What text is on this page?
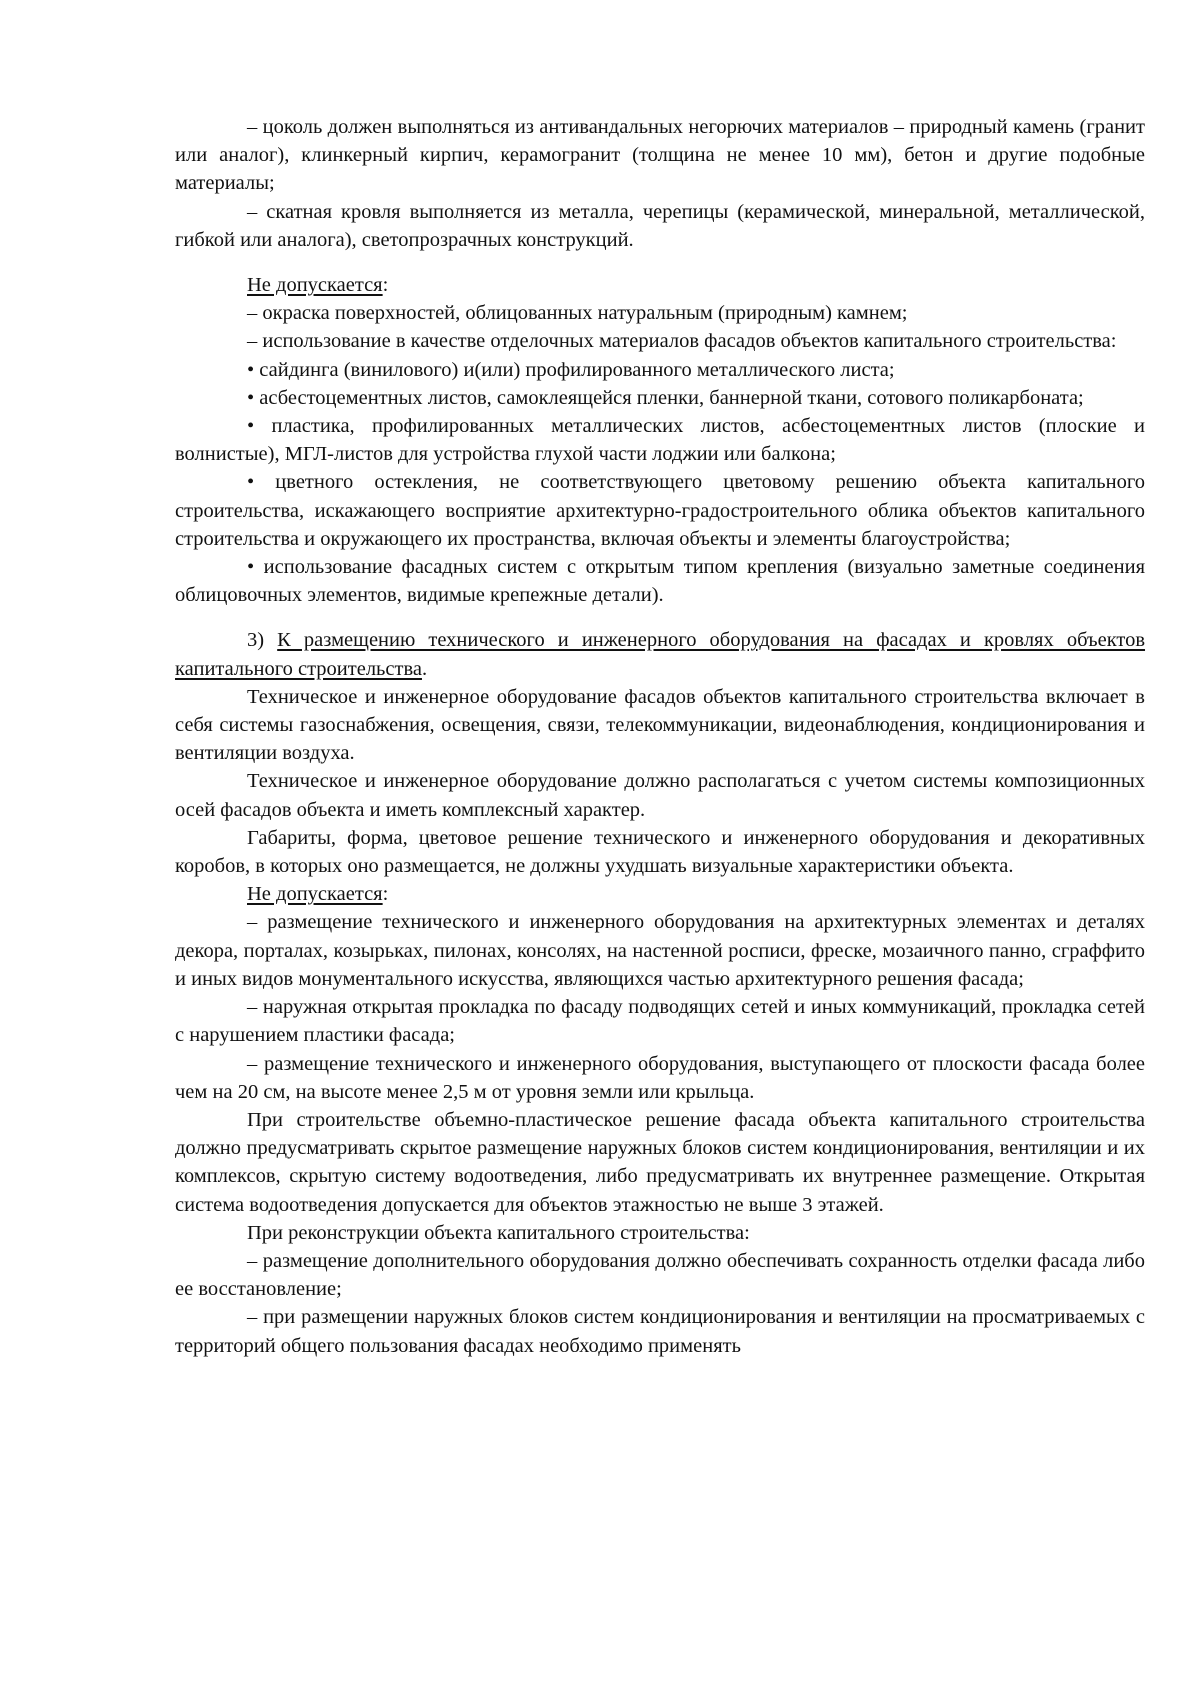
– цоколь должен выполняться из антивандальных негорючих материалов – природный камень (гранит или аналог), клинкерный кирпич, керамогранит (толщина не менее 10 мм), бетон и другие подобные материалы;

– скатная кровля выполняется из металла, черепицы (керамической, минеральной, металлической, гибкой или аналога), светопрозрачных конструкций.

Не допускается:

– окраска поверхностей, облицованных натуральным (природным) камнем;

– использование в качестве отделочных материалов фасадов объектов капитального строительства:

• сайдинга (винилового) и(или) профилированного металлического листа;

• асбестоцементных листов, самоклеящейся пленки, баннерной ткани, сотового поликарбоната;

• пластика, профилированных металлических листов, асбестоцементных листов (плоские и волнистые), МГЛ-листов для устройства глухой части лоджии или балкона;

• цветного остекления, не соответствующего цветовому решению объекта капитального строительства, искажающего восприятие архитектурно-градостроительного облика объектов капитального строительства и окружающего их пространства, включая объекты и элементы благоустройства;

• использование фасадных систем с открытым типом крепления (визуально заметные соединения облицовочных элементов, видимые крепежные детали).

3) К размещению технического и инженерного оборудования на фасадах и кровлях объектов капитального строительства.

Техническое и инженерное оборудование фасадов объектов капитального строительства включает в себя системы газоснабжения, освещения, связи, телекоммуникации, видеонаблюдения, кондиционирования и вентиляции воздуха.

Техническое и инженерное оборудование должно располагаться с учетом системы композиционных осей фасадов объекта и иметь комплексный характер.

Габариты, форма, цветовое решение технического и инженерного оборудования и декоративных коробов, в которых оно размещается, не должны ухудшать визуальные характеристики объекта.

Не допускается:

– размещение технического и инженерного оборудования на архитектурных элементах и деталях декора, порталах, козырьках, пилонах, консолях, на настенной росписи, фреске, мозаичного панно, сграффито и иных видов монументального искусства, являющихся частью архитектурного решения фасада;

– наружная открытая прокладка по фасаду подводящих сетей и иных коммуникаций, прокладка сетей с нарушением пластики фасада;

– размещение технического и инженерного оборудования, выступающего от плоскости фасада более чем на 20 см, на высоте менее 2,5 м от уровня земли или крыльца.

При строительстве объемно-пластическое решение фасада объекта капитального строительства должно предусматривать скрытое размещение наружных блоков систем кондиционирования, вентиляции и их комплексов, скрытую систему водоотведения, либо предусматривать их внутреннее размещение. Открытая система водоотведения допускается для объектов этажностью не выше 3 этажей.

При реконструкции объекта капитального строительства:

– размещение дополнительного оборудования должно обеспечивать сохранность отделки фасада либо ее восстановление;

– при размещении наружных блоков систем кондиционирования и вентиляции на просматриваемых с территорий общего пользования фасадах необходимо применять
